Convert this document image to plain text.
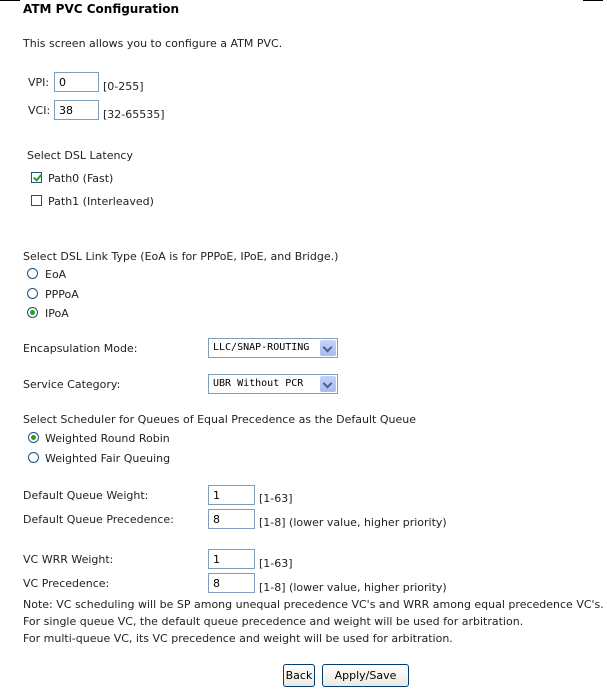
ATM PVC Configuration
This screen allows you to configure a ATM PVC.
VPI:
0	[0-255]
VCI:
38	[32-65535]
Select DSL Latency
Path0 (Fast)
Path1 (Interleaved)
Select DSL Link Type (EoA is for PPPoE, IPoE, and Bridge.)
EoA
PPPoA
IPoA
Encapsulation Mode:	LLC/SNAP-ROUTING
Service Category:	UBR Without PCR
Select Scheduler for Queues of Equal Precedence as the Default Queue
Weighted Round Robin
Weighted Fair Queuing
Default Queue Weight:
1	[1-63]
Default Queue Precedence:
8	[1-8] (lower value, higher priority)
VC WRR Weight:
1	[1-63]
VC Precedence:
8	[1-8] (lower value, higher priority)
Note: VC scheduling will be SP among unequal precedence VC's and WRR among equal precedence VC's.
For single queue VC, the default queue precedence and weight will be used for arbitration.
For multi-queue VC, its VC precedence and weight will be used for arbitration.
Back	Apply/Save
